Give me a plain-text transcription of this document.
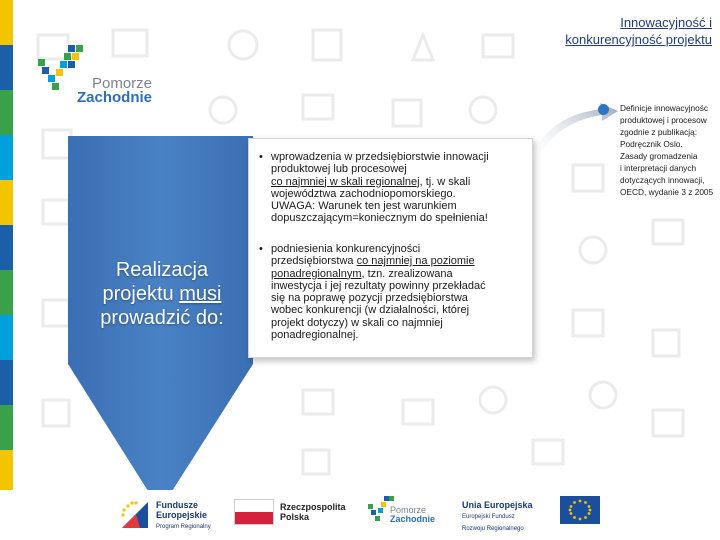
Pomorze
Zachodnie
Innowacyjność i
konkurencyjność projektu
Realizacja
projektu musi
prowadzić do:
• wprowadzenia w przedsiębiorstwie innowacji
produktowej lub procesowej
co najmniej w skali regionalnej, tj. w skali
województwa zachodniopomorskiego.
UWAGA: Warunek ten jest warunkiem
dopuszczającym=koniecznym do spełnienia!
• podniesienia konkurencyjności
przedsiębiorstwa co najmniej na poziomie
ponadregionalnym, tzn. zrealizowana
inwestycja i jej rezultaty powinny przekładać
się na poprawę pozycji przedsiębiorstwa
wobec konkurencji (w działalności, której
projekt dotyczy) w skali co najmniej
ponadregionalnej.
Definicje innowacyjnośc
produktowej i procesow
zgodnie z publikacją:
Podręcznik Oslo.
Zasady gromadzenia
i interpretacji danych
dotyczących innowacji,
OECD, wydanie 3 z 2005
Fundusze
Europejskie
Program Regionalny
Rzeczpospolita
Polska
Pomorze
Zachodnie
Unia Europejska
Europejski Fundusz
Rozwoju Regionalnego
